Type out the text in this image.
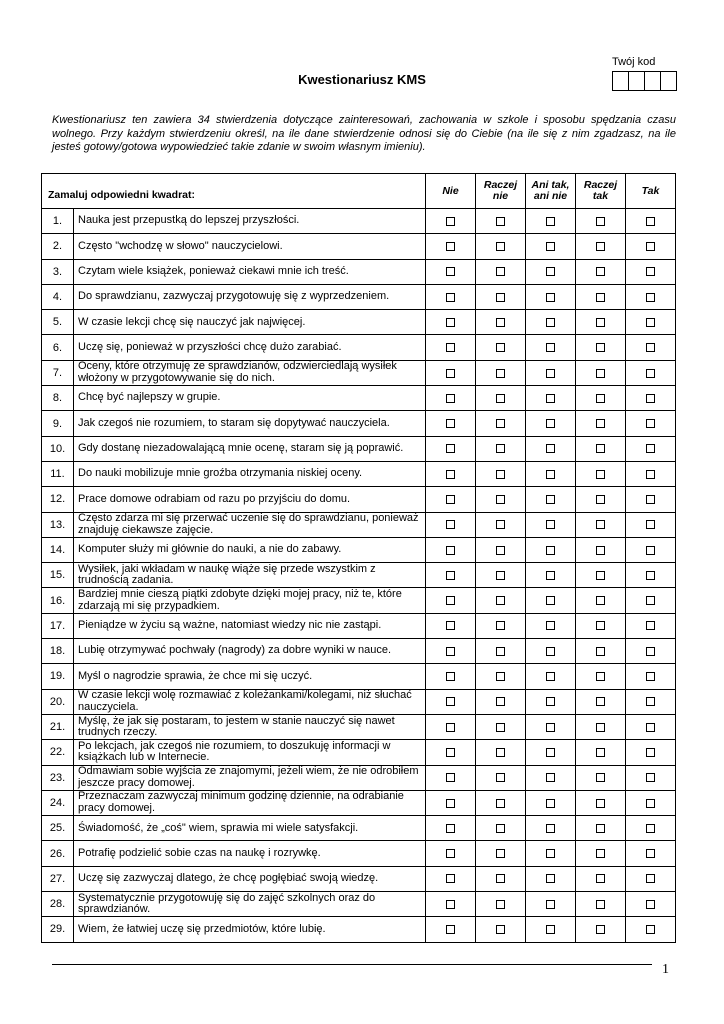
Twój kod
Kwestionariusz KMS
Kwestionariusz ten zawiera 34 stwierdzenia dotyczące zainteresowań, zachowania w szkole i sposobu spędzania czasu wolnego. Przy każdym stwierdzeniu określ, na ile dane stwierdzenie odnosi się do Ciebie (na ile się z nim zgadzasz, na ile jesteś gotowy/gotowa wypowiedzieć takie zdanie w swoim własnym imieniu).
Zamaluj odpowiedni kwadrat:		Nie	Raczej nie	Ani tak, ani nie	Raczej tak	Tak
1.	Nauka jest przepustką do lepszej przyszłości.					
2.	Często "wchodzę w słowo" nauczycielowi.					
3.	Czytam wiele książek, ponieważ ciekawi mnie ich treść.					
4.	Do sprawdzianu, zazwyczaj przygotowuję się z wyprzedzeniem.					
5.	W czasie lekcji chcę się nauczyć jak najwięcej.					
6.	Uczę się, ponieważ w przyszłości chcę dużo zarabiać.					
7.	Oceny, które otrzymuję ze sprawdzianów, odzwierciedlają wysiłek włożony w przygotowywanie się do nich.					
8.	Chcę być najlepszy w grupie.					
9.	Jak czegoś nie rozumiem, to staram się dopytywać nauczyciela.					
10.	Gdy dostanę niezadowalającą mnie ocenę, staram się ją poprawić.					
11.	Do nauki mobilizuje mnie groźba otrzymania niskiej oceny.					
12.	Prace domowe odrabiam od razu po przyjściu do domu.					
13.	Często zdarza mi się przerwać uczenie się do sprawdzianu, ponieważ znajduję ciekawsze zajęcie.					
14.	Komputer służy mi głównie do nauki, a nie do zabawy.					
15.	Wysiłek, jaki wkładam w naukę wiąże się przede wszystkim z trudnością zadania.					
16.	Bardziej mnie cieszą piątki zdobyte dzięki mojej pracy, niż te, które zdarzają mi się przypadkiem.					
17.	Pieniądze w życiu są ważne, natomiast wiedzy nic nie zastąpi.					
18.	Lubię otrzymywać pochwały (nagrody) za dobre wyniki w nauce.					
19.	Myśl o nagrodzie sprawia, że chce mi się uczyć.					
20.	W czasie lekcji wolę rozmawiać z koleżankami/kolegami, niż słuchać nauczyciela.					
21.	Myślę, że jak się postaram, to jestem w stanie nauczyć się nawet trudnych rzeczy.					
22.	Po lekcjach, jak czegoś nie rozumiem, to doszukuję informacji w książkach lub w Internecie.					
23.	Odmawiam sobie wyjścia ze znajomymi, jeżeli wiem, że nie odrobiłem jeszcze pracy domowej.					
24.	Przeznaczam zazwyczaj minimum godzinę dziennie, na odrabianie pracy domowej.					
25.	Świadomość, że „coś" wiem, sprawia mi wiele satysfakcji.					
26.	Potrafię podzielić sobie czas na naukę i rozrywkę.					
27.	Uczę się zazwyczaj dlatego, że chcę pogłębiać swoją wiedzę.					
28.	Systematycznie przygotowuję się do zajęć szkolnych oraz do sprawdzianów.					
29.	Wiem, że łatwiej uczę się przedmiotów, które lubię.					
1
